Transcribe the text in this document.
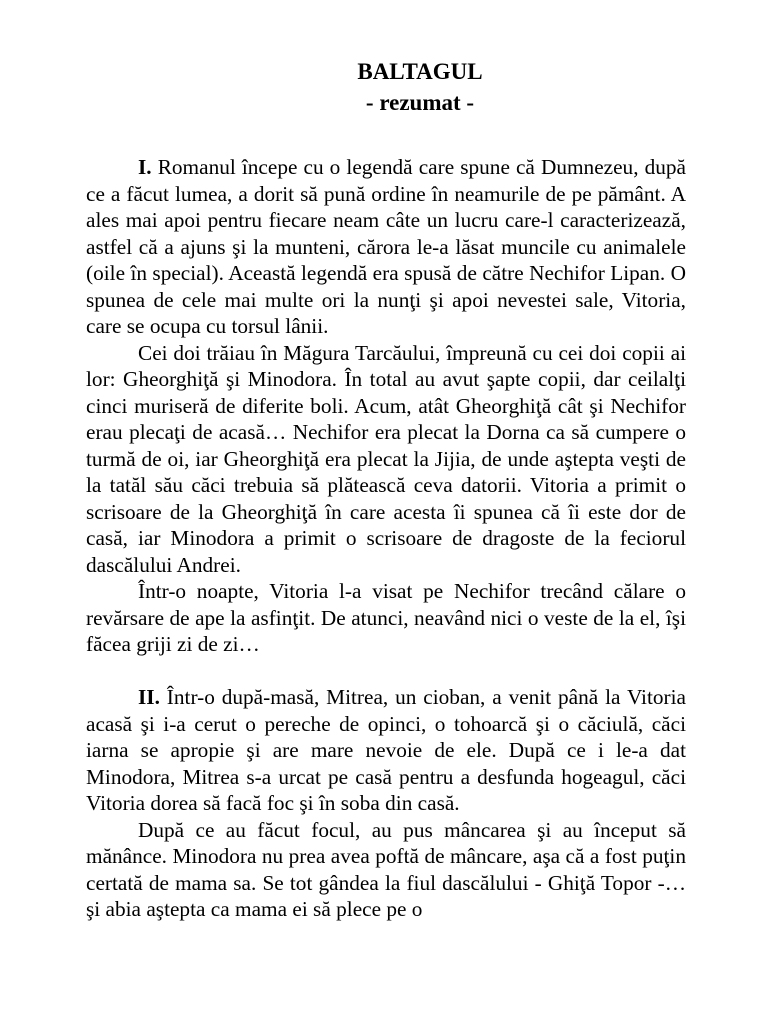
BALTAGUL
- rezumat -

I. Romanul începe cu o legendă care spune că Dumnezeu, după ce a făcut lumea, a dorit să pună ordine în neamurile de pe pământ. A ales mai apoi pentru fiecare neam câte un lucru care-l caracterizează, astfel că a ajuns şi la munteni, cărora le-a lăsat muncile cu animalele (oile în special). Această legendă era spusă de către Nechifor Lipan. O spunea de cele mai multe ori la nunţi şi apoi nevestei sale, Vitoria, care se ocupa cu torsul lânii.

Cei doi trăiau în Măgura Tarcăului, împreună cu cei doi copii ai lor: Gheorghiţă şi Minodora. În total au avut şapte copii, dar ceilalţi cinci muriseră de diferite boli. Acum, atât Gheorghiţă cât şi Nechifor erau plecaţi de acasă… Nechifor era plecat la Dorna ca să cumpere o turmă de oi, iar Gheorghiţă era plecat la Jijia, de unde aştepta veşti de la tatăl său căci trebuia să plătească ceva datorii. Vitoria a primit o scrisoare de la Gheorghiţă în care acesta îi spunea că îi este dor de casă, iar Minodora a primit o scrisoare de dragoste de la feciorul dascălului Andrei.

Într-o noapte, Vitoria l-a visat pe Nechifor trecând călare o revărsare de ape la asfinţit. De atunci, neavând nici o veste de la el, îşi făcea griji zi de zi…

II. Într-o după-masă, Mitrea, un cioban, a venit până la Vitoria acasă şi i-a cerut o pereche de opinci, o tohoarcă şi o căciulă, căci iarna se apropie şi are mare nevoie de ele. După ce i le-a dat Minodora, Mitrea s-a urcat pe casă pentru a desfunda hogeagul, căci Vitoria dorea să facă foc şi în soba din casă.

După ce au făcut focul, au pus mâncarea şi au început să mănânce. Minodora nu prea avea poftă de mâncare, aşa că a fost puţin certată de mama sa. Se tot gândea la fiul dascălului - Ghiţă Topor -… şi abia aştepta ca mama ei să plece pe o
